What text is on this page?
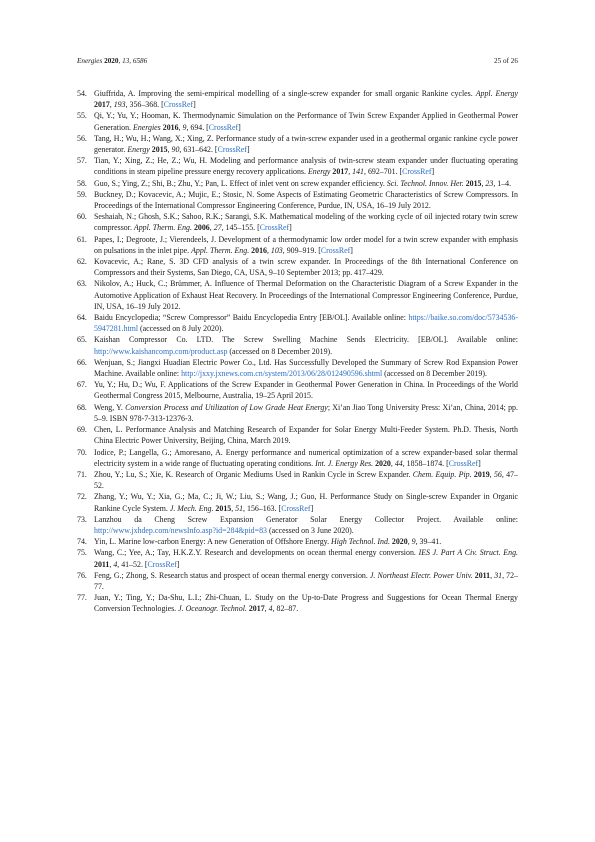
Energies 2020, 13, 6586	25 of 26
54. Giuffrida, A. Improving the semi-empirical modelling of a single-screw expander for small organic Rankine cycles. Appl. Energy 2017, 193, 356–368. [CrossRef]
55. Qi, Y.; Yu, Y.; Hooman, K. Thermodynamic Simulation on the Performance of Twin Screw Expander Applied in Geothermal Power Generation. Energies 2016, 9, 694. [CrossRef]
56. Tang, H.; Wu, H.; Wang, X.; Xing, Z. Performance study of a twin-screw expander used in a geothermal organic rankine cycle power generator. Energy 2015, 90, 631–642. [CrossRef]
57. Tian, Y.; Xing, Z.; He, Z.; Wu, H. Modeling and performance analysis of twin-screw steam expander under fluctuating operating conditions in steam pipeline pressure energy recovery applications. Energy 2017, 141, 692–701. [CrossRef]
58. Guo, S.; Ying, Z.; Shi, B.; Zhu, Y.; Pan, L. Effect of inlet vent on screw expander efficiency. Sci. Technol. Innov. Her. 2015, 23, 1–4.
59. Buckney, D.; Kovacevic, A.; Mujic, E.; Stosic, N. Some Aspects of Estimating Geometric Characteristics of Screw Compressors. In Proceedings of the International Compressor Engineering Conference, Purdue, IN, USA, 16–19 July 2012.
60. Seshaiah, N.; Ghosh, S.K.; Sahoo, R.K.; Sarangi, S.K. Mathematical modeling of the working cycle of oil injected rotary twin screw compressor. Appl. Therm. Eng. 2006, 27, 145–155. [CrossRef]
61. Papes, I.; Degroote, J.; Vierendeels, J. Development of a thermodynamic low order model for a twin screw expander with emphasis on pulsations in the inlet pipe. Appl. Therm. Eng. 2016, 103, 909–919. [CrossRef]
62. Kovacevic, A.; Rane, S. 3D CFD analysis of a twin screw expander. In Proceedings of the 8th International Conference on Compressors and their Systems, San Diego, CA, USA, 9–10 September 2013; pp. 417–429.
63. Nikolov, A.; Huck, C.; Brümmer, A. Influence of Thermal Deformation on the Characteristic Diagram of a Screw Expander in the Automotive Application of Exhaust Heat Recovery. In Proceedings of the International Compressor Engineering Conference, Purdue, IN, USA, 16–19 July 2012.
64. Baidu Encyclopedia; “Screw Compressor” Baidu Encyclopedia Entry [EB/OL]. Available online: https://baike.so.com/doc/5734536-5947281.html (accessed on 8 July 2020).
65. Kaishan Compressor Co. LTD. The Screw Swelling Machine Sends Electricity. [EB/OL]. Available online: http://www.kaishancomp.com/product.asp (accessed on 8 December 2019).
66. Wenjuan, S.; Jiangxi Huadian Electric Power Co., Ltd. Has Successfully Developed the Summary of Screw Rod Expansion Power Machine. Available online: http://jxxy.jxnews.com.cn/system/2013/06/28/012490596.shtml (accessed on 8 December 2019).
67. Yu, Y.; Hu, D.; Wu, F. Applications of the Screw Expander in Geothermal Power Generation in China. In Proceedings of the World Geothermal Congress 2015, Melbourne, Australia, 19–25 April 2015.
68. Weng, Y. Conversion Process and Utilization of Low Grade Heat Energy; Xi’an Jiao Tong University Press: Xi’an, China, 2014; pp. 5–9. ISBN 978-7-313-12376-3.
69. Chen, L. Performance Analysis and Matching Research of Expander for Solar Energy Multi-Feeder System. Ph.D. Thesis, North China Electric Power University, Beijing, China, March 2019.
70. Iodice, P.; Langella, G.; Amoresano, A. Energy performance and numerical optimization of a screw expander-based solar thermal electricity system in a wide range of fluctuating operating conditions. Int. J. Energy Res. 2020, 44, 1858–1874. [CrossRef]
71. Zhou, Y.; Lu, S.; Xie, K. Research of Organic Mediums Used in Rankin Cycle in Screw Expander. Chem. Equip. Pip. 2019, 56, 47–52.
72. Zhang, Y.; Wu, Y.; Xia, G.; Ma, C.; Ji, W.; Liu, S.; Wang, J.; Guo, H. Performance Study on Single-screw Expander in Organic Rankine Cycle System. J. Mech. Eng. 2015, 51, 156–163. [CrossRef]
73. Lanzhou da Cheng Screw Expansion Generator Solar Energy Collector Project. Available online: http://www.jxhdep.com/newsInfo.asp?id=284&pid=83 (accessed on 3 June 2020).
74. Yin, L. Marine low-carbon Energy: A new Generation of Offshore Energy. High Technol. Ind. 2020, 9, 39–41.
75. Wang, C.; Yee, A.; Tay, H.K.Z.Y. Research and developments on ocean thermal energy conversion. IES J. Part A Civ. Struct. Eng. 2011, 4, 41–52. [CrossRef]
76. Feng, G.; Zhong, S. Research status and prospect of ocean thermal energy conversion. J. Northeast Electr. Power Univ. 2011, 31, 72–77.
77. Juan, Y.; Ting, Y.; Da-Shu, L.I.; Zhi-Chuan, L. Study on the Up-to-Date Progress and Suggestions for Ocean Thermal Energy Conversion Technologies. J. Oceanogr. Technol. 2017, 4, 82–87.
